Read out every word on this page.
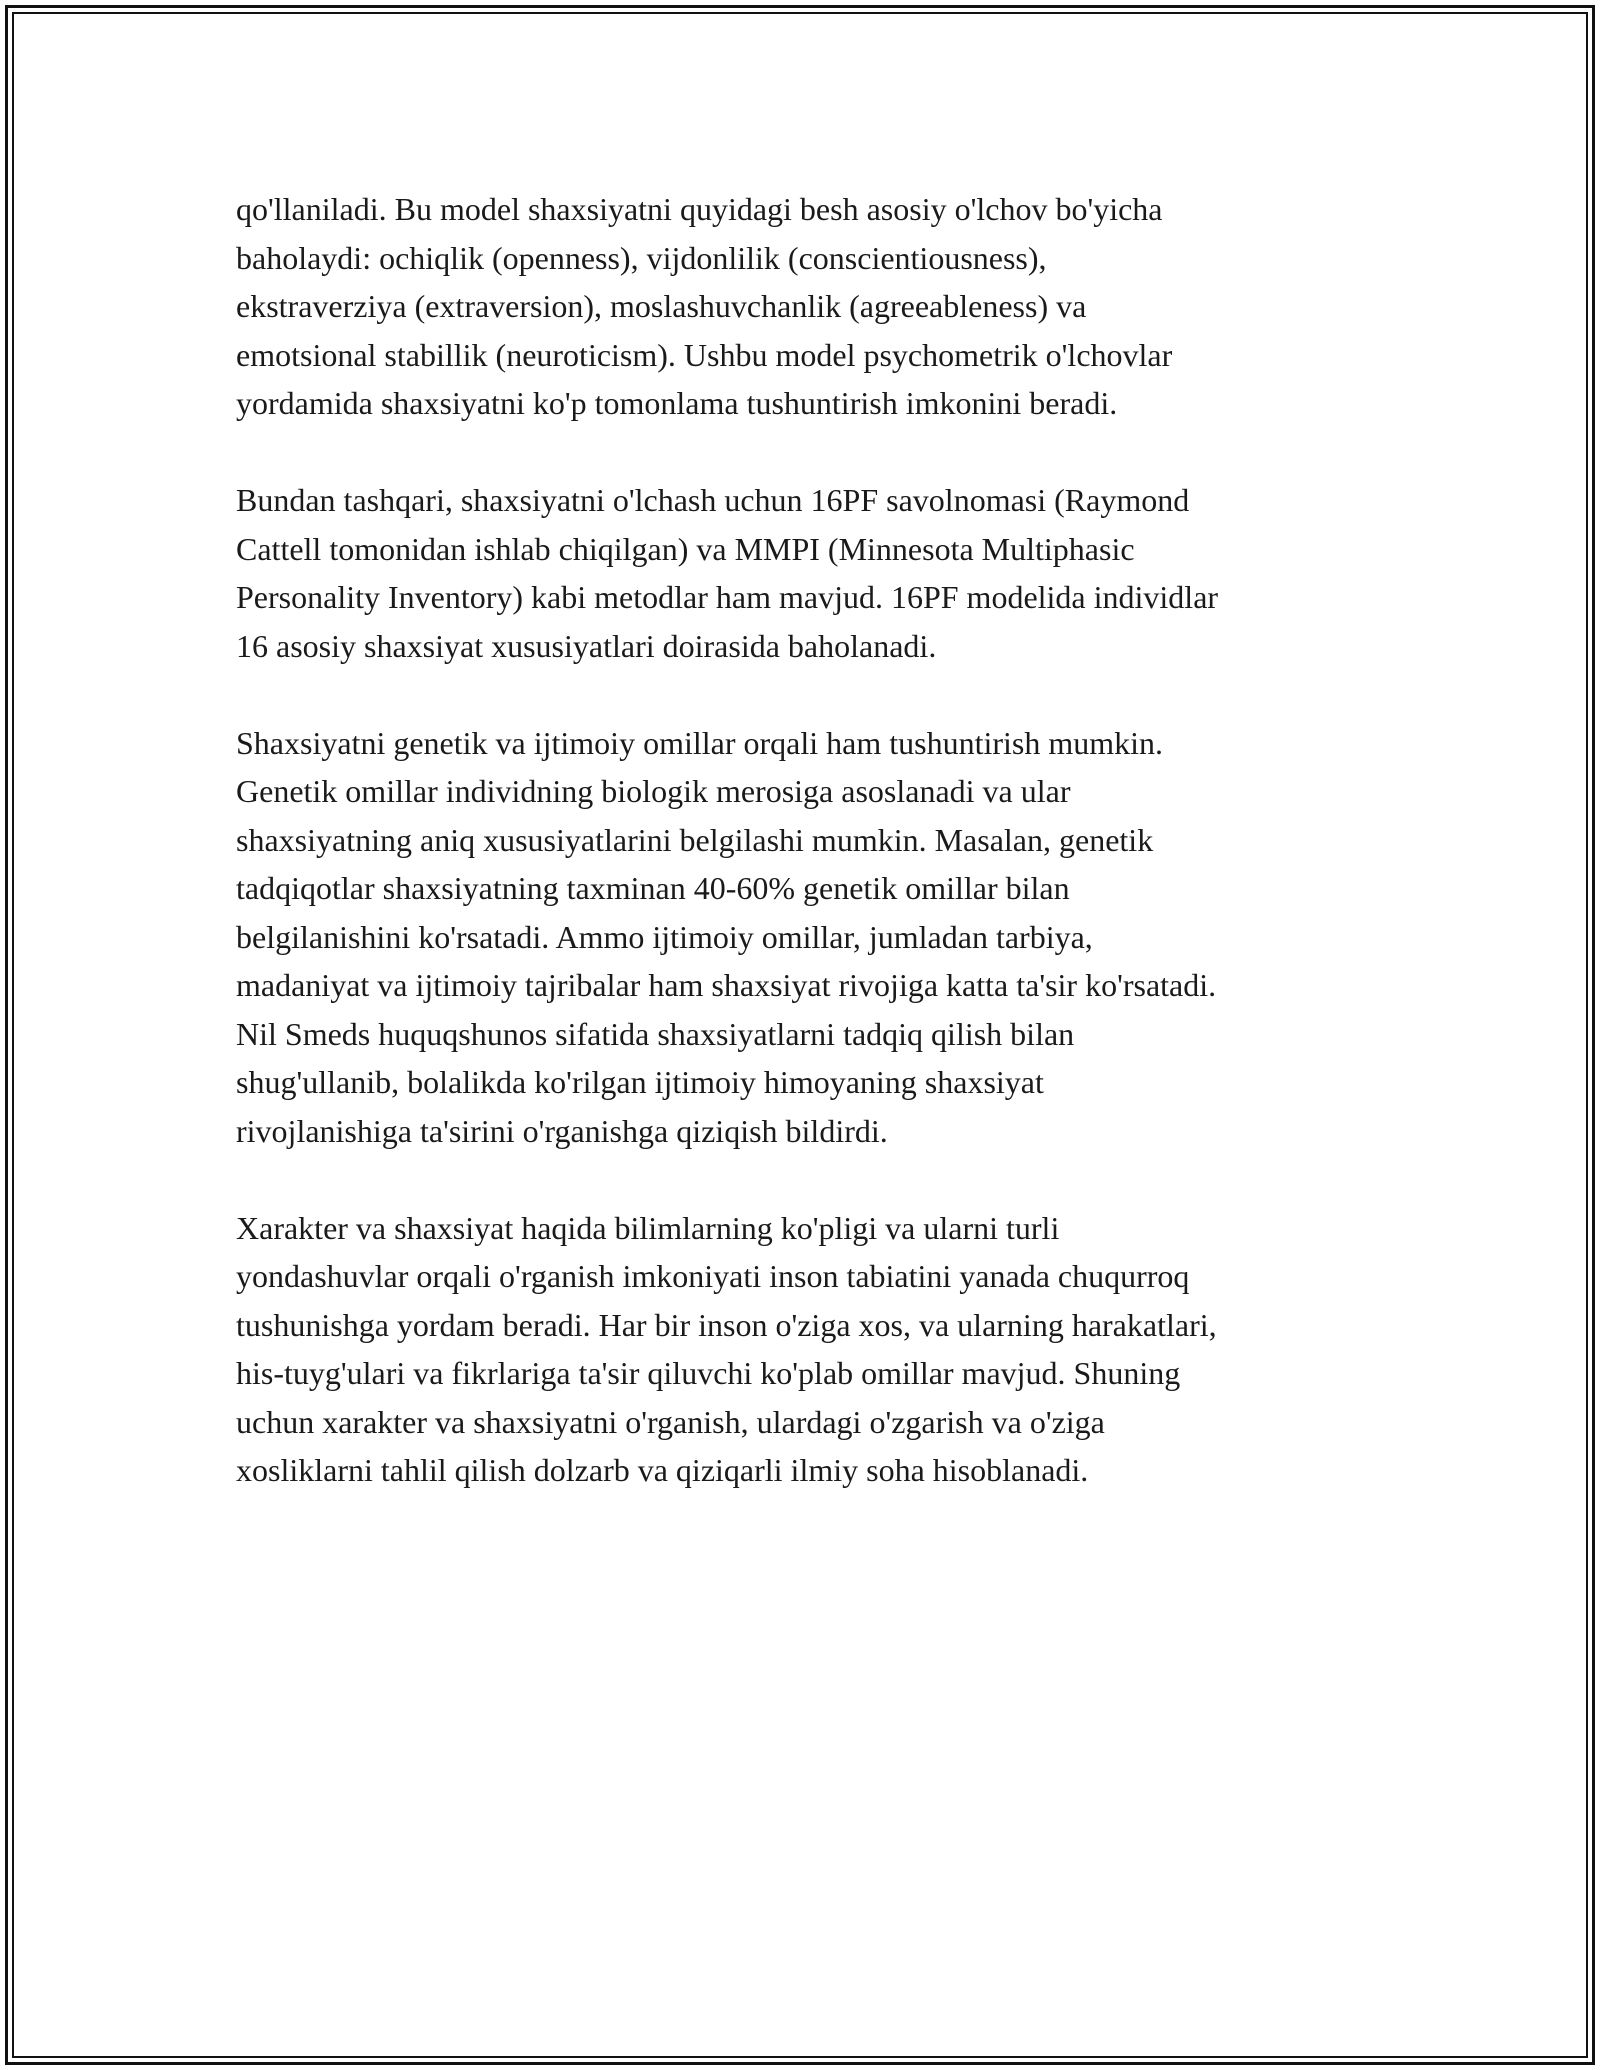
qo'llaniladi. Bu model shaxsiyatni quyidagi besh asosiy o'lchov bo'yicha
baholaydi: ochiqlik (openness), vijdonlilik (conscientiousness),
ekstraverziya (extraversion), moslashuvchanlik (agreeableness) va
emotsional stabillik (neuroticism). Ushbu model psychometrik o'lchovlar
yordamida shaxsiyatni ko'p tomonlama tushuntirish imkonini beradi.
Bundan tashqari, shaxsiyatni o'lchash uchun 16PF savolnomasi (Raymond
Cattell tomonidan ishlab chiqilgan) va MMPI (Minnesota Multiphasic
Personality Inventory) kabi metodlar ham mavjud. 16PF modelida individlar
16 asosiy shaxsiyat xususiyatlari doirasida baholanadi.
Shaxsiyatni genetik va ijtimoiy omillar orqali ham tushuntirish mumkin.
Genetik omillar individning biologik merosiga asoslanadi va ular
shaxsiyatning aniq xususiyatlarini belgilashi mumkin. Masalan, genetik
tadqiqotlar shaxsiyatning taxminan 40-60% genetik omillar bilan
belgilanishini ko'rsatadi. Ammo ijtimoiy omillar, jumladan tarbiya,
madaniyat va ijtimoiy tajribalar ham shaxsiyat rivojiga katta ta'sir ko'rsatadi.
Nil Smeds huquqshunos sifatida shaxsiyatlarni tadqiq qilish bilan
shug'ullanib, bolalikda ko'rilgan ijtimoiy himoyaning shaxsiyat
rivojlanishiga ta'sirini o'rganishga qiziqish bildirdi.
Xarakter va shaxsiyat haqida bilimlarning ko'pligi va ularni turli
yondashuvlar orqali o'rganish imkoniyati inson tabiatini yanada chuqurroq
tushunishga yordam beradi. Har bir inson o'ziga xos, va ularning harakatlari,
his-tuyg'ulari va fikrlariga ta'sir qiluvchi ko'plab omillar mavjud. Shuning
uchun xarakter va shaxsiyatni o'rganish, ulardagi o'zgarish va o'ziga
xosliklarni tahlil qilish dolzarb va qiziqarli ilmiy soha hisoblanadi.
